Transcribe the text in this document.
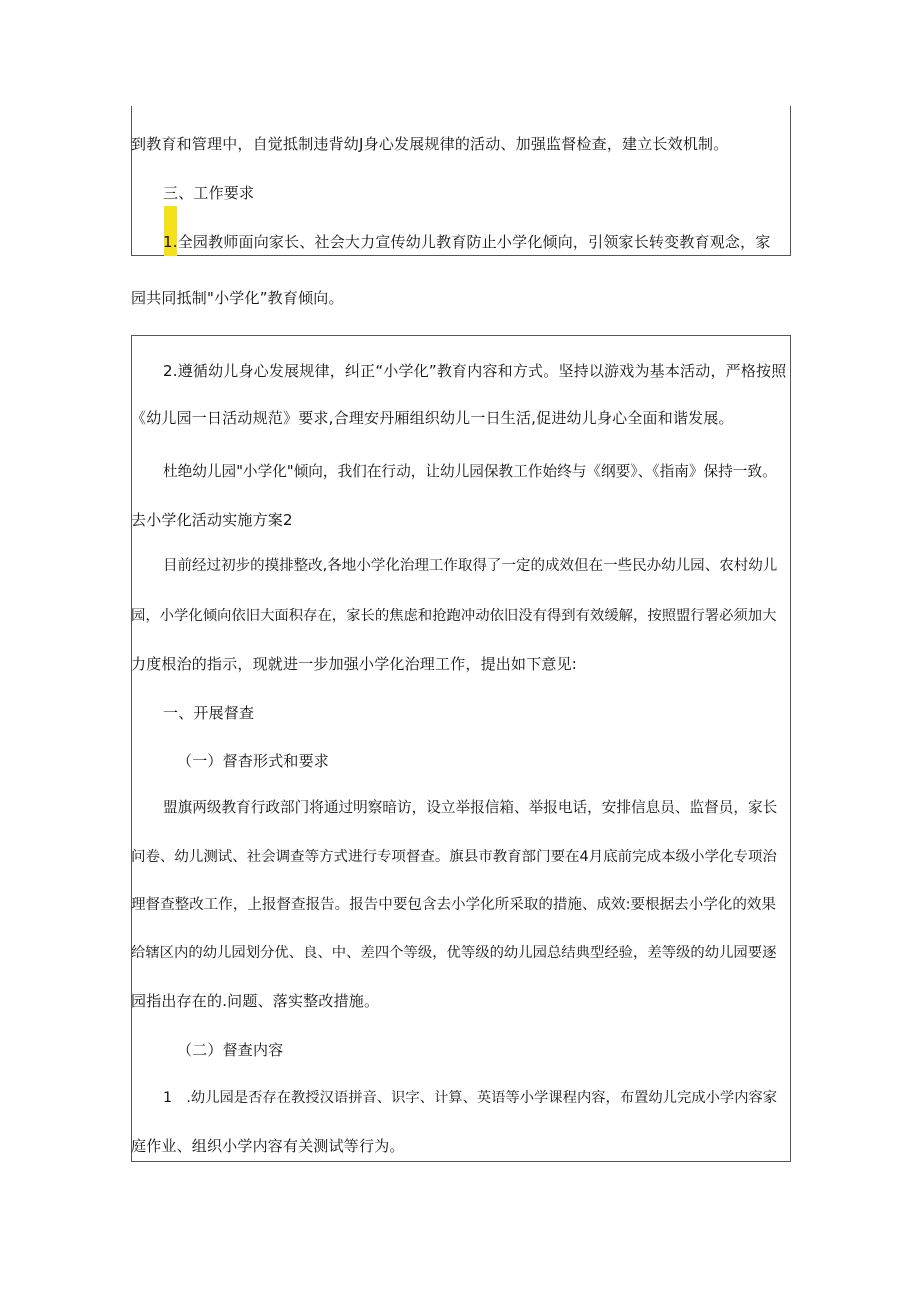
到教育和管理中，自觉抵制违背幼J身心发展规律的活动、加强监督检查，建立长效机制。
三、工作要求
1.全园教师面向家长、社会大力宣传幼儿教育防止小学化倾向，引领家长转变教育观念，家
园共同抵制"小学化”教育倾向。
2.遵循幼儿身心发展规律，纠正“小学化”教育内容和方式。坚持以游戏为基本活动，严格按照
《幼儿园一日活动规范》要求,合理安丹厢组织幼儿一日生活,促进幼儿身心全面和谐发展。
杜绝幼儿园"小学化"倾向，我们在行动，让幼儿园保教工作始终与《纲要》、《指南》保持一致。
去小学化活动实施方案2
目前经过初步的摸排整改,各地小学化治理工作取得了一定的成效但在一些民办幼儿园、农村幼儿
园，小学化倾向依旧大面积存在，家长的焦虑和抢跑冲动依旧没有得到有效缓解，按照盟行署必须加大
力度根治的指示，现就进一步加强小学化治理工作，提出如下意见:
一、开展督查
（一）督杳形式和要求
盟旗两级教育行政部门将通过明察暗访，设立举报信箱、举报电话，安排信息员、监督员，家长
问卷、幼儿测试、社会调查等方式进行专项督查。旗县市教育部门要在4月底前完成本级小学化专项治
理督查整改工作，上报督查报告。报告中要包含去小学化所采取的措施、成效:要根据去小学化的效果
给辖区内的幼儿园划分优、良、中、差四个等级，优等级的幼儿园总结典型经验，差等级的幼儿园要逐
园指出存在的.问题、落实整改措施。
（二）督查内容
1　.幼儿园是否存在教授汉语拼音、识字、计算、英语等小学课程内容，布置幼儿完成小学内容家
庭作业、组织小学内容有关测试等行为。
